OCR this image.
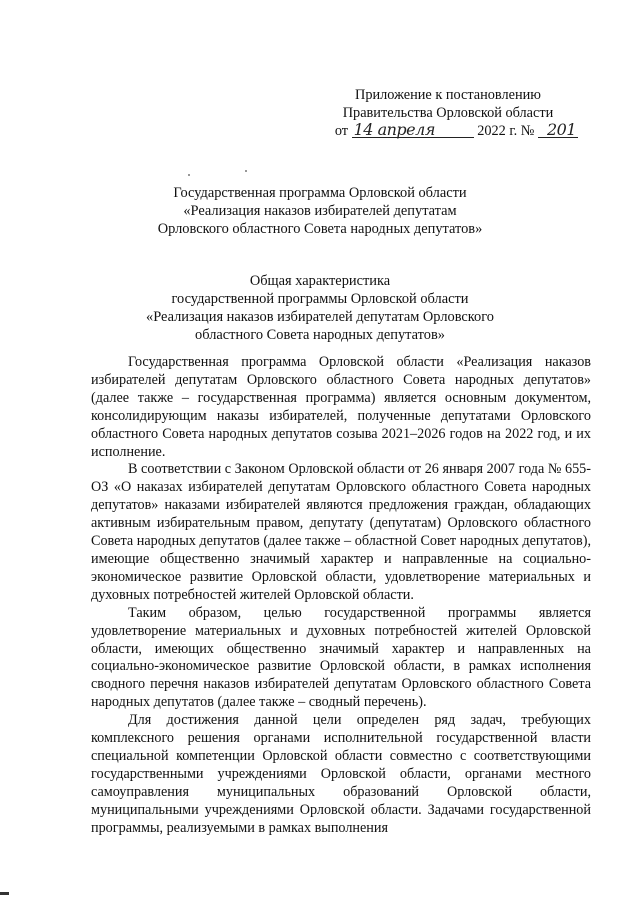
Приложение к постановлению
Правительства Орловской области
от 14 апреля	2022 г. № 201
Государственная программа Орловской области
«Реализация наказов избирателей депутатам
Орловского областного Совета народных депутатов»
Общая характеристика
государственной программы Орловской области
«Реализация наказов избирателей депутатам Орловского
областного Совета народных депутатов»

Государственная программа Орловской области «Реализация наказов избирателей депутатам Орловского областного Совета народных депутатов» (далее также – государственная программа) является основным документом, консолидирующим наказы избирателей, полученные депутатами Орловского областного Совета народных депутатов созыва 2021–2026 годов на 2022 год, и их исполнение.

В соответствии с Законом Орловской области от 26 января 2007 года № 655-ОЗ «О наказах избирателей депутатам Орловского областного Совета народных депутатов» наказами избирателей являются предложения граждан, обладающих активным избирательным правом, депутату (депутатам) Орловского областного Совета народных депутатов (далее также – областной Совет народных депутатов), имеющие общественно значимый характер и направленные на социально-экономическое развитие Орловской области, удовлетворение материальных и духовных потребностей жителей Орловской области.

Таким образом, целью государственной программы является удовлетворение материальных и духовных потребностей жителей Орловской области, имеющих общественно значимый характер и направленных на социально-экономическое развитие Орловской области, в рамках исполнения сводного перечня наказов избирателей депутатам Орловского областного Совета народных депутатов (далее также – сводный перечень).

Для достижения данной цели определен ряд задач, требующих комплексного решения органами исполнительной государственной власти специальной компетенции Орловской области совместно с соответствующими государственными учреждениями Орловской области, органами местного самоуправления муниципальных образований Орловской области, муниципальными учреждениями Орловской области. Задачами государственной программы, реализуемыми в рамках выполнения
